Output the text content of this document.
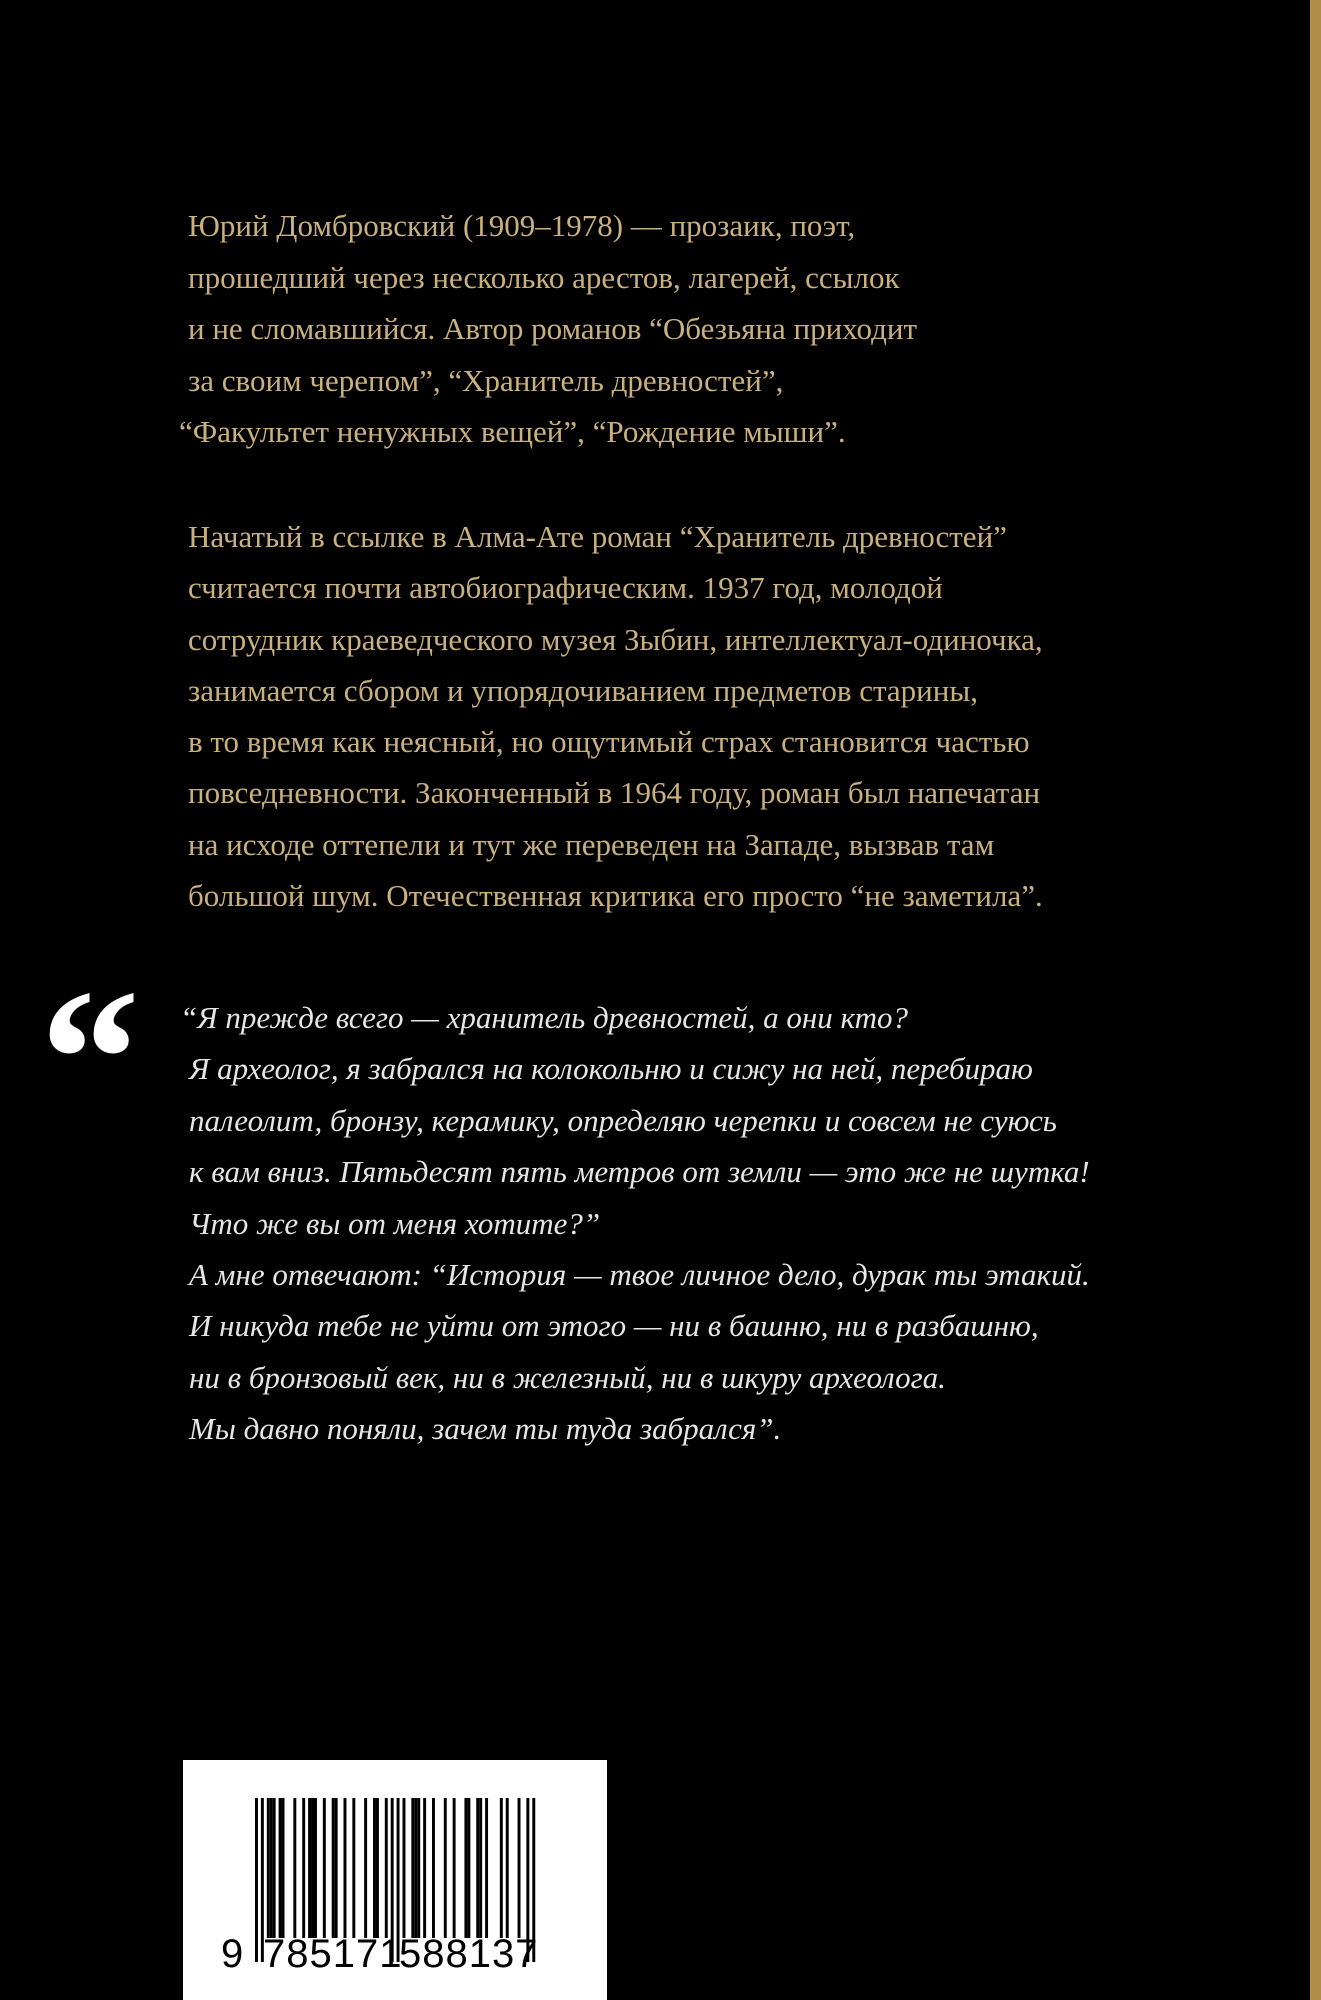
Юрий Домбровский (1909–1978) — прозаик, поэт,
прошедший через несколько арестов, лагерей, ссылок
и не сломавшийся. Автор романов “Обезьяна приходит
за своим черепом”, “Хранитель древностей”,
“Факультет ненужных вещей”, “Рождение мыши”.
Начатый в ссылке в Алма-Ате роман “Хранитель древностей”
считается почти автобиографическим. 1937 год, молодой
сотрудник краеведческого музея Зыбин, интеллектуал-одиночка,
занимается сбором и упорядочиванием предметов старины,
в то время как неясный, но ощутимый страх становится частью
повседневности. Законченный в 1964 году, роман был напечатан
на исходе оттепели и тут же переведен на Западе, вызвав там
большой шум. Отечественная критика его просто “не заметила”.
“ “Я прежде всего — хранитель древностей, а они кто?
Я археолог, я забрался на колокольню и сижу на ней, перебираю
палеолит, бронзу, керамику, определяю черепки и совсем не суюсь
к вам вниз. Пятьдесят пять метров от земли — это же не шутка!
Что же вы от меня хотите?”
А мне отвечают: “История — твое личное дело, дурак ты этакий.
И никуда тебе не уйти от этого — ни в башню, ни в разбашню,
ни в бронзовый век, ни в железный, ни в шкуру археолога.
Мы давно поняли, зачем ты туда забрался”.
9 785171
588137
